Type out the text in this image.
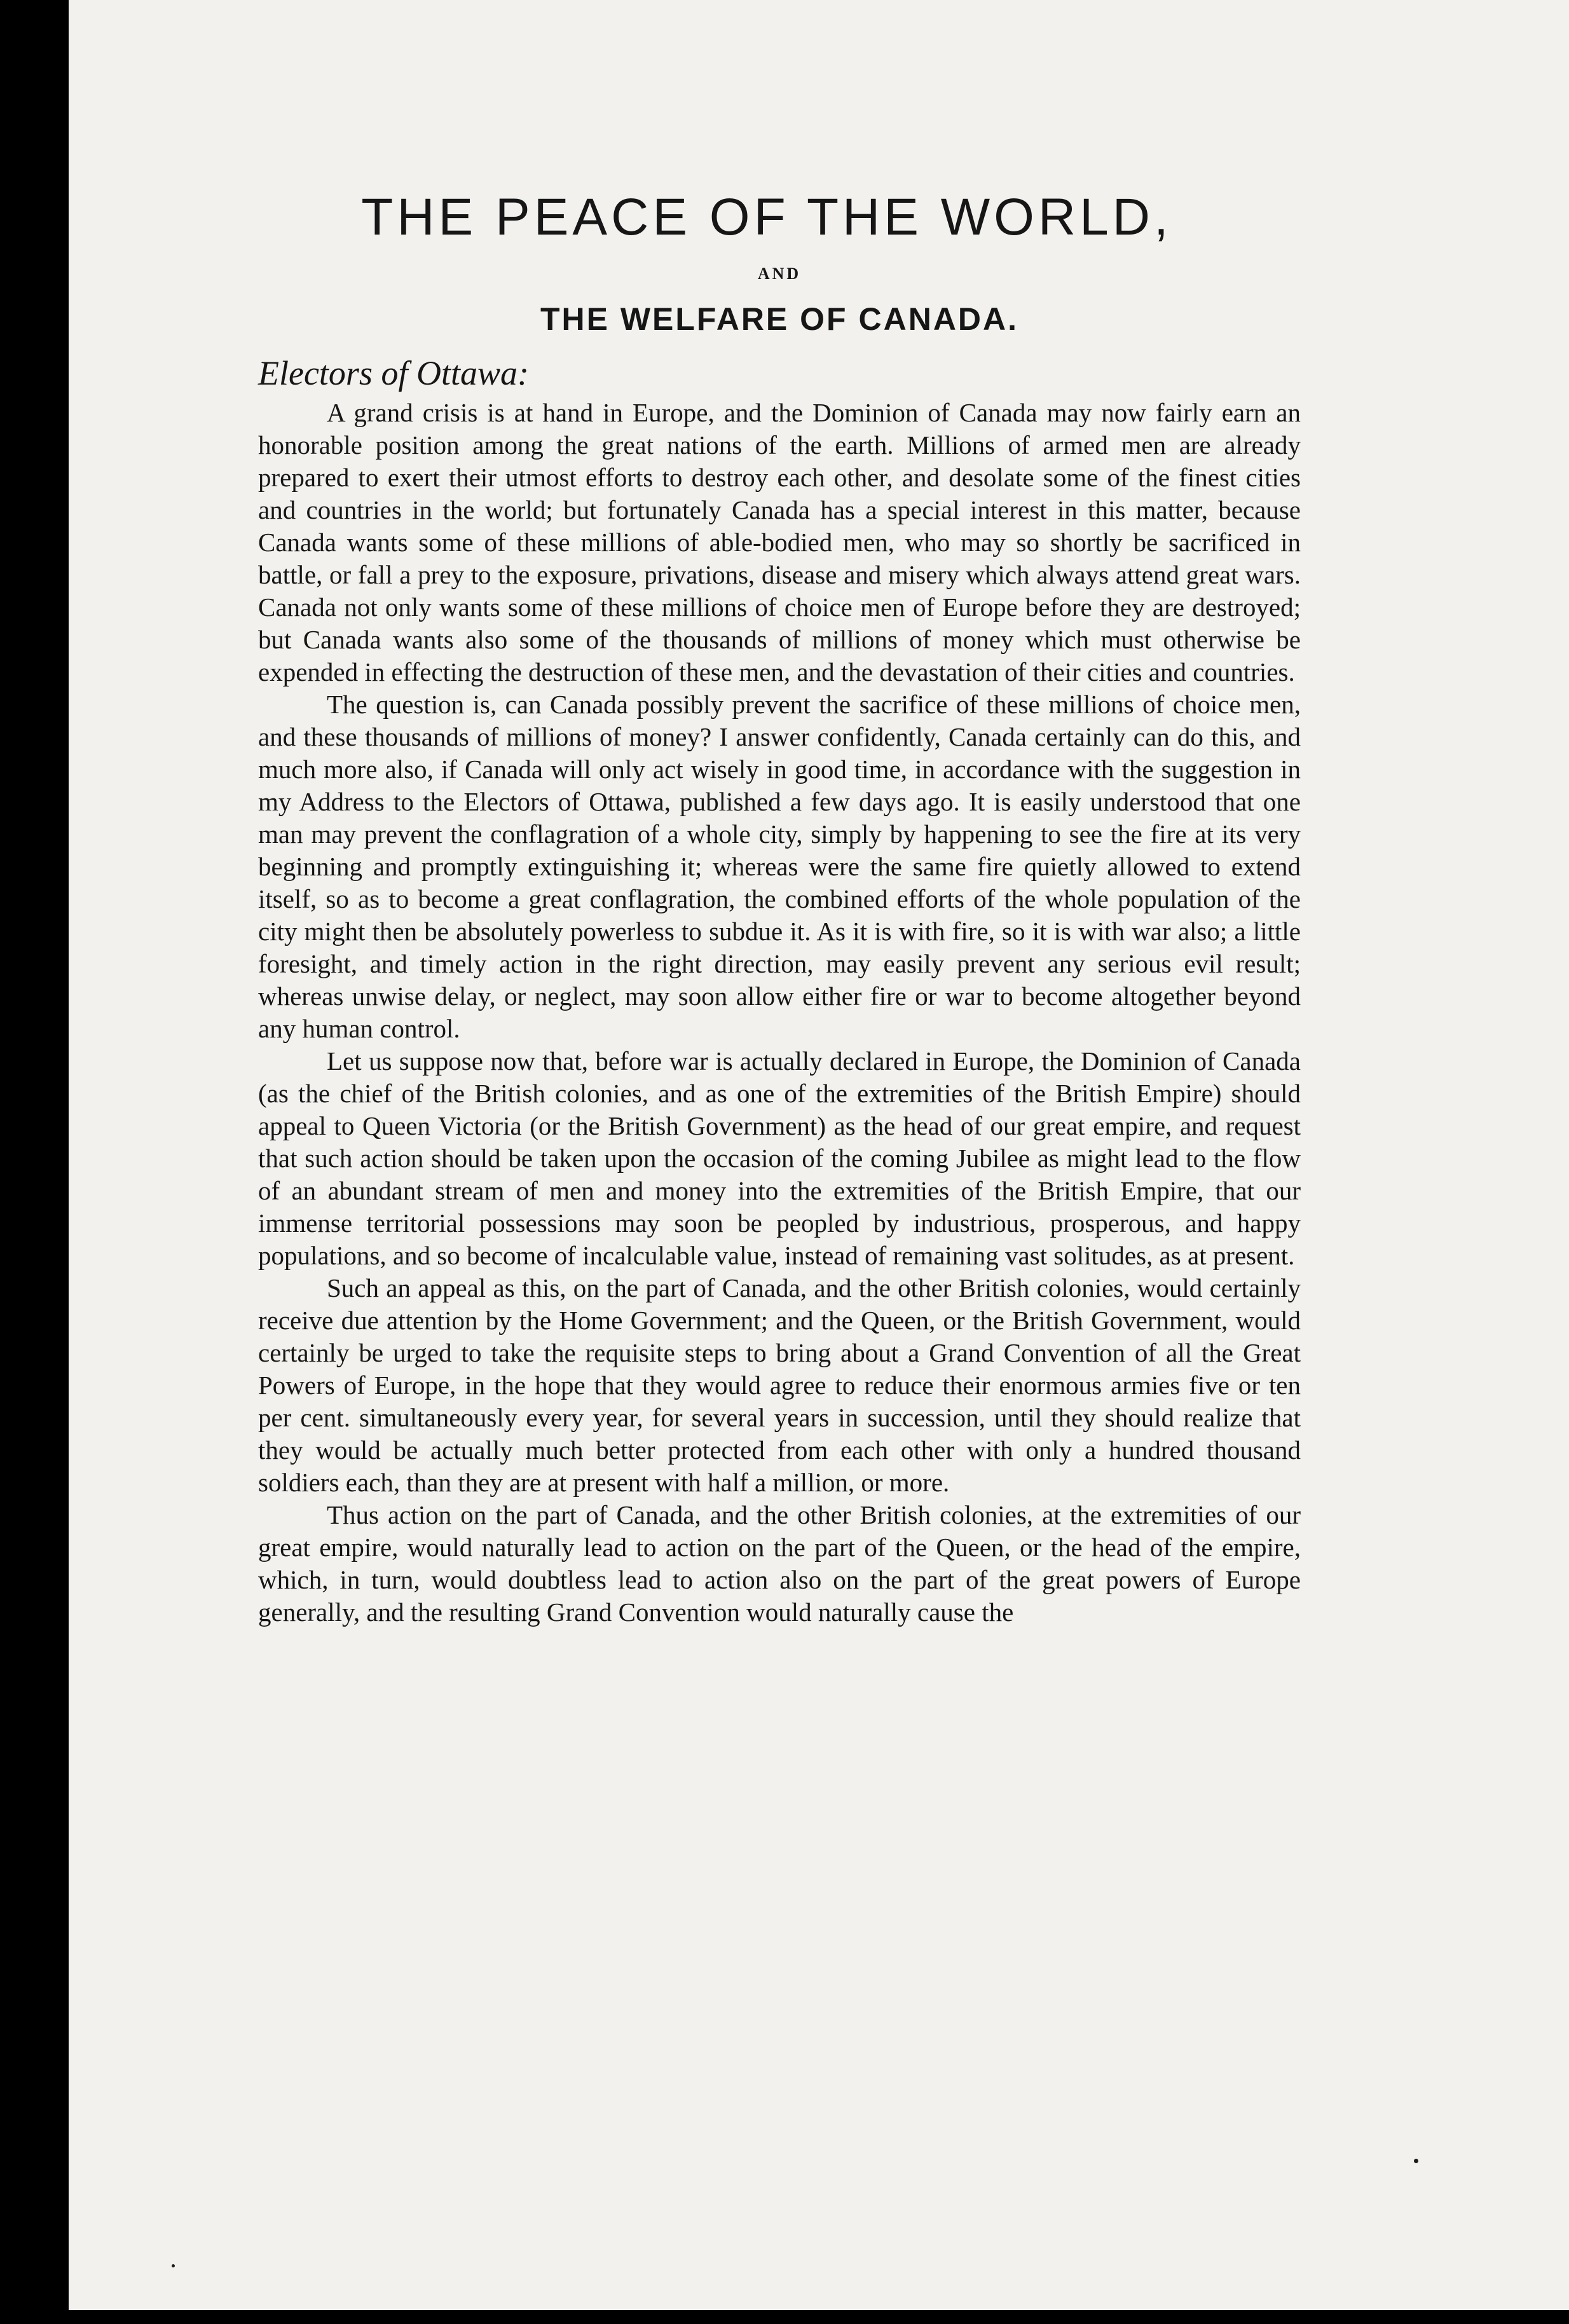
THE PEACE OF THE WORLD,
AND
THE WELFARE OF CANADA.
Electors of Ottawa:

A grand crisis is at hand in Europe, and the Dominion of Canada may now fairly earn an honorable position among the great nations of the earth. Millions of armed men are already prepared to exert their utmost efforts to destroy each other, and desolate some of the finest cities and countries in the world; but fortunately Canada has a special interest in this matter, because Canada wants some of these millions of able-bodied men, who may so shortly be sacrificed in battle, or fall a prey to the exposure, privations, disease and misery which always attend great wars. Canada not only wants some of these millions of choice men of Europe before they are destroyed; but Canada wants also some of the thousands of millions of money which must otherwise be expended in effecting the destruction of these men, and the devastation of their cities and countries.

The question is, can Canada possibly prevent the sacrifice of these millions of choice men, and these thousands of millions of money? I answer confidently, Canada certainly can do this, and much more also, if Canada will only act wisely in good time, in accordance with the suggestion in my Address to the Electors of Ottawa, published a few days ago. It is easily understood that one man may prevent the conflagration of a whole city, simply by happening to see the fire at its very beginning and promptly extinguishing it; whereas were the same fire quietly allowed to extend itself, so as to become a great conflagration, the combined efforts of the whole population of the city might then be absolutely powerless to subdue it. As it is with fire, so it is with war also; a little foresight, and timely action in the right direction, may easily prevent any serious evil result; whereas unwise delay, or neglect, may soon allow either fire or war to become altogether beyond any human control.

Let us suppose now that, before war is actually declared in Europe, the Dominion of Canada (as the chief of the British colonies, and as one of the extremities of the British Empire) should appeal to Queen Victoria (or the British Government) as the head of our great empire, and request that such action should be taken upon the occasion of the coming Jubilee as might lead to the flow of an abundant stream of men and money into the extremities of the British Empire, that our immense territorial possessions may soon be peopled by industrious, prosperous, and happy populations, and so become of incalculable value, instead of remaining vast solitudes, as at present.

Such an appeal as this, on the part of Canada, and the other British colonies, would certainly receive due attention by the Home Government; and the Queen, or the British Government, would certainly be urged to take the requisite steps to bring about a Grand Convention of all the Great Powers of Europe, in the hope that they would agree to reduce their enormous armies five or ten per cent. simultaneously every year, for several years in succession, until they should realize that they would be actually much better protected from each other with only a hundred thousand soldiers each, than they are at present with half a million, or more.

Thus action on the part of Canada, and the other British colonies, at the extremities of our great empire, would naturally lead to action on the part of the Queen, or the head of the empire, which, in turn, would doubtless lead to action also on the part of the great powers of Europe generally, and the resulting Grand Convention would naturally cause the
